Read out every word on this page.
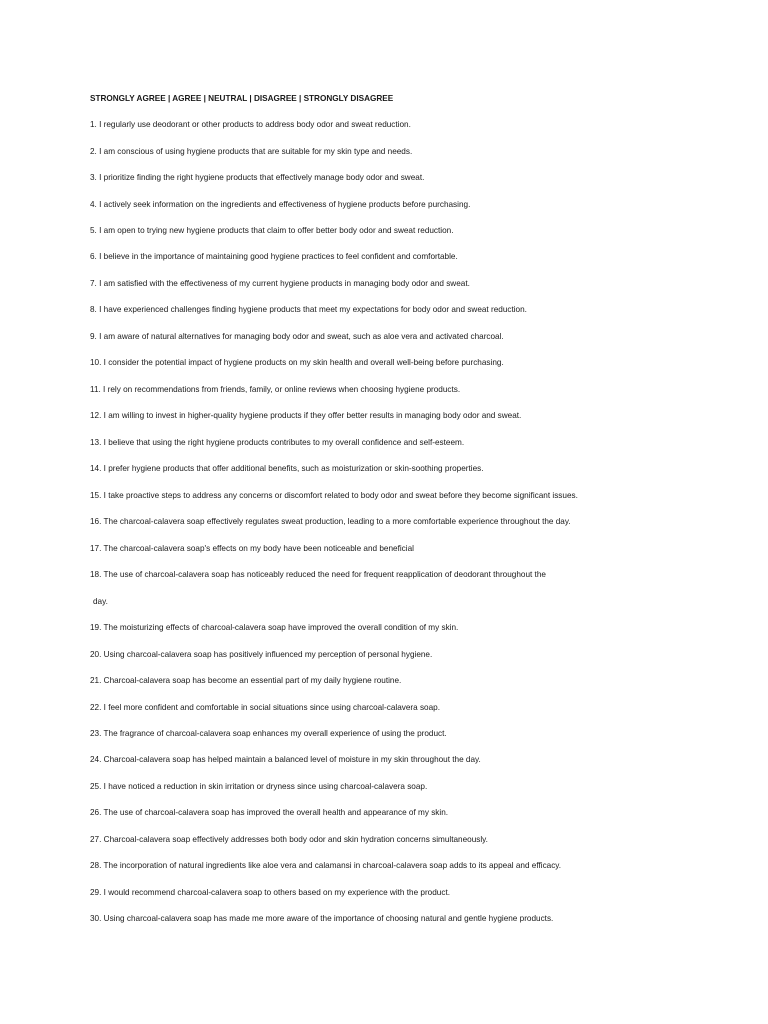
STRONGLY AGREE | AGREE | NEUTRAL | DISAGREE | STRONGLY DISAGREE
1. I regularly use deodorant or other products to address body odor and sweat reduction.
2. I am conscious of using hygiene products that are suitable for my skin type and needs.
3. I prioritize finding the right hygiene products that effectively manage body odor and sweat.
4. I actively seek information on the ingredients and effectiveness of hygiene products before purchasing.
5. I am open to trying new hygiene products that claim to offer better body odor and sweat reduction.
6. I believe in the importance of maintaining good hygiene practices to feel confident and comfortable.
7. I am satisfied with the effectiveness of my current hygiene products in managing body odor and sweat.
8. I have experienced challenges finding hygiene products that meet my expectations for body odor and sweat reduction.
9. I am aware of natural alternatives for managing body odor and sweat, such as aloe vera and activated charcoal.
10. I consider the potential impact of hygiene products on my skin health and overall well-being before purchasing.
11. I rely on recommendations from friends, family, or online reviews when choosing hygiene products.
12. I am willing to invest in higher-quality hygiene products if they offer better results in managing body odor and sweat.
13. I believe that using the right hygiene products contributes to my overall confidence and self-esteem.
14. I prefer hygiene products that offer additional benefits, such as moisturization or skin-soothing properties.
15. I take proactive steps to address any concerns or discomfort related to body odor and sweat before they become significant issues.
16. The charcoal-calavera soap effectively regulates sweat production, leading to a more comfortable experience throughout the day.
17. The charcoal-calavera soap's effects on my body have been noticeable and beneficial
18. The use of charcoal-calavera soap has noticeably reduced the need for frequent reapplication of deodorant throughout the
day.
19. The moisturizing effects of charcoal-calavera soap have improved the overall condition of my skin.
20. Using charcoal-calavera soap has positively influenced my perception of personal hygiene.
21. Charcoal-calavera soap has become an essential part of my daily hygiene routine.
22. I feel more confident and comfortable in social situations since using charcoal-calavera soap.
23. The fragrance of charcoal-calavera soap enhances my overall experience of using the product.
24. Charcoal-calavera soap has helped maintain a balanced level of moisture in my skin throughout the day.
25. I have noticed a reduction in skin irritation or dryness since using charcoal-calavera soap.
26. The use of charcoal-calavera soap has improved the overall health and appearance of my skin.
27. Charcoal-calavera soap effectively addresses both body odor and skin hydration concerns simultaneously.
28. The incorporation of natural ingredients like aloe vera and calamansi in charcoal-calavera soap adds to its appeal and efficacy.
29. I would recommend charcoal-calavera soap to others based on my experience with the product.
30. Using charcoal-calavera soap has made me more aware of the importance of choosing natural and gentle hygiene products.
